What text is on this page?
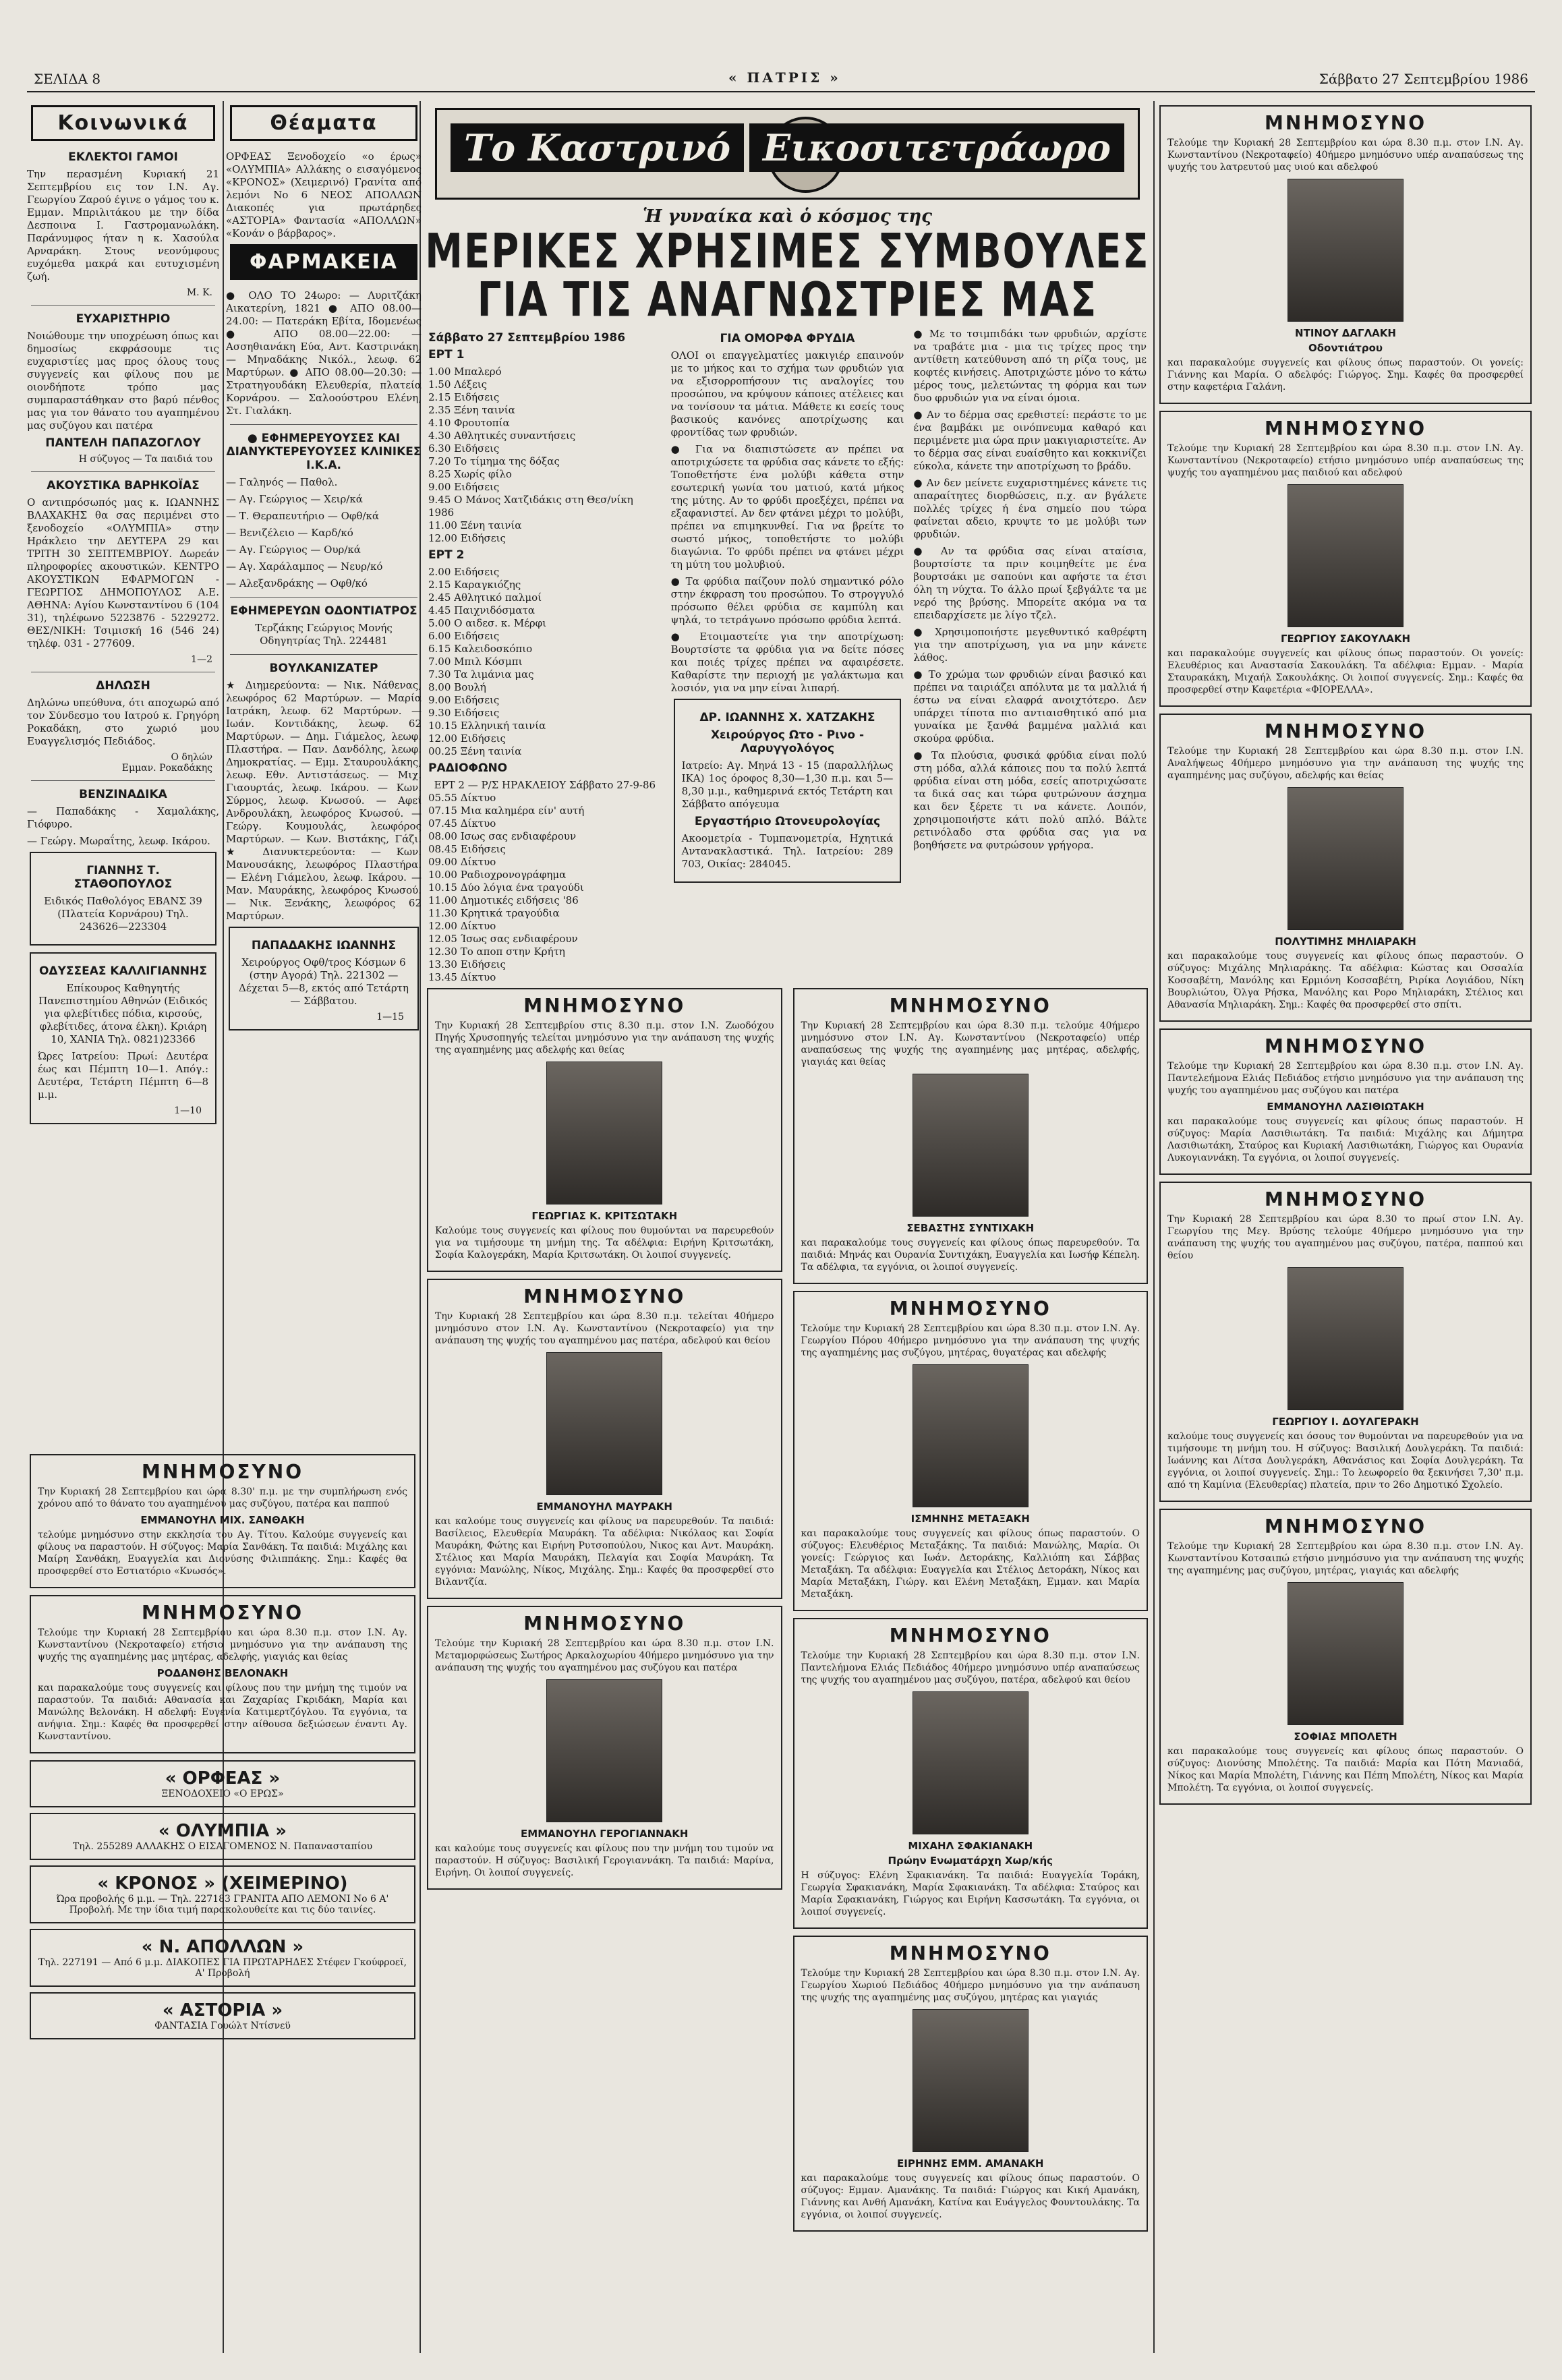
ΣΕΛΙΔΑ 8	« ΠΑΤΡΙΣ »	Σάββατο 27 Σεπτεμβρίου 1986
Κοινωνικά
ΕΚΛΕΚΤΟΙ ΓΑΜΟΙ

Την περασμένη Κυριακή 21 Σεπτεμβρίου εις τον Ι.Ν. Αγ. Γεωργίου Ζαρού έγινε ο γάμος του κ. Εμμαν. Μπριλιτάκου με την δίδα Δεσποινα Ι. Γαστρομανωλάκη. Παράνυμφος ήταν η κ. Χασούλα Αρναράκη. Στους νεονύμφους ευχόμεθα μακρά και ευτυχισμένη ζωή.

Μ. Κ.
ΕΥΧΑΡΙΣΤΗΡΙΟ

Νοιώθουμε την υποχρέωση όπως και δημοσίως εκφράσουμε τις ευχαριστίες μας προς όλους τους συγγενείς και φίλους που με οιονδήποτε τρόπο μας συμπαραστάθηκαν στο βαρύ πένθος μας για τον θάνατο του αγαπημένου μας συζύγου και πατέρα

ΠΑΝΤΕΛΗ ΠΑΠΑΖΟΓΛΟΥ
Η σύζυγος — Τα παιδιά του
ΑΚΟΥΣΤΙΚΑ ΒΑΡΗΚΟΪΑΣ

Ο αντιπρόσωπός μας κ. ΙΩΑΝΝΗΣ ΒΛΑΧΑΚΗΣ θα σας περιμένει στο ξενοδοχείο «ΟΛΥΜΠΙΑ» στην Ηράκλειο την ΔΕΥΤΕΡΑ 29 και ΤΡΙΤΗ 30 ΣΕΠΤΕΜΒΡΙΟΥ. Δωρεάν πληροφορίες ακουστικών. ΚΕΝΤΡΟ ΑΚΟΥΣΤΙΚΩΝ ΕΦΑΡΜΟΓΩΝ - ΓΕΩΡΓΙΟΣ ΔΗΜΟΠΟΥΛΟΣ Α.Ε. ΑΘΗΝΑ: Αγίου Κωνσταντίνου 6 (104 31), τηλέφωνο 5223876 - 5229272. ΘΕΣ/ΝΙΚΗ: Τσιμισκή 16 (546 24) τηλέφ. 031 - 277609.

1—2
ΔΗΛΩΣΗ

Δηλώνω υπεύθυνα, ότι αποχωρώ από τον Σύνδεσμο του Ιατρού κ. Γρηγόρη Ροκαδάκη, στο χωριό μου Ευαγγελισμός Πεδιάδος.

Ο δηλών
Εμμαν. Ροκαδάκης
ΒΕΝΖΙΝΑΔΙΚΑ

— Παπαδάκης - Χαμαλάκης, Γιόφυρο.

— Γεώργ. Μωραΐτης, λεωφ. Ικάρου.

ΓΙΑΝΝΗΣ Τ. ΣΤΑΘΟΠΟΥΛΟΣ

Ειδικός Παθολόγος ΕΒΑΝΣ 39 (Πλατεία Κορνάρου) Τηλ. 243626—223304

ΟΔΥΣΣΕΑΣ ΚΑΛΛΙΓΙΑΝΝΗΣ

Επίκουρος Καθηγητής Πανεπιστημίου Αθηνών (Ειδικός για φλεβίτιδες πόδια, κιρσούς, φλεβίτιδες, άτονα έλκη). Κριάρη 10, ΧΑΝΙΑ Τηλ. 0821)23366

Ώρες Ιατρείου: Πρωί: Δευτέρα έως και Πέμπτη 10—1. Απόγ.: Δευτέρα, Τετάρτη Πέμπτη 6—8 μ.μ.

1—10
Θέαματα

ΟΡΦΕΑΣ Ξενοδοχείο «ο έρως» «ΟΛΥΜΠΙΑ» Αλλάκης ο εισαγόμενος «ΚΡΟΝΟΣ» (Χειμερινό) Γρανίτα από λεμόνι Νο 6 ΝΕΟΣ ΑΠΟΛΛΩΝ Διακοπές για πρωτάρηδες «ΑΣΤΟΡΙΑ» Φαντασία «ΑΠΟΛΛΩΝ» «Κονάν ο βάρβαρος».

ΦΑΡΜΑΚΕΙΑ

● ΟΛΟ ΤΟ 24ωρο: — Λυριτζάκη Αικατερίνη, 1821 ● ΑΠΟ 08.00—24.00: — Πατεράκη Εβίτα, Ιδομενέως ● ΑΠΟ 08.00—22.00: — Ασσηθιανάκη Εύα, Αντ. Καστρινάκη. — Μηναδάκης Νικόλ., λεωφ. 62 Μαρτύρων. ● ΑΠΟ 08.00—20.30: — Στρατηγουδάκη Ελευθερία, πλατεία Κορνάρου. — Σαλοούστρου Ελένη, Στ. Γιαλάκη.

● ΕΦΗΜΕΡΕΥΟΥΣΕΣ ΚΑΙ ΔΙΑΝΥΚΤΕΡΕΥΟΥΣΕΣ ΚΛΙΝΙΚΕΣ Ι.Κ.Α.

— Γαληνός — Παθολ.

— Αγ. Γεώργιος — Χειρ/κά

— Τ. Θεραπευτήριο — Οφθ/κά

— Βενιζέλειο — Καρδ/κό

— Αγ. Γεώργιος — Ουρ/κά

— Αγ. Χαράλαμπος — Νευρ/κό

— Αλεξανδράκης — Οφθ/κό

ΕΦΗΜΕΡΕΥΩΝ ΟΔΟΝΤΙΑΤΡΟΣ

Τερζάκης Γεώργιος Μονής Οδηγητρίας Τηλ. 224481

ΒΟΥΛΚΑΝΙΖΑΤΕΡ

★ Διημερεύοντα: — Νικ. Νάθενας, λεωφόρος 62 Μαρτύρων. — Μαρία Ιατράκη, λεωφ. 62 Μαρτύρων. — Ιωάν. Κοντιδάκης, λεωφ. 62 Μαρτύρων. — Δημ. Γιάμελος, λεωφ. Πλαστήρα. — Παν. Δανδόλης, λεωφ. Δημοκρατίας. — Εμμ. Σταυρουλάκης, λεωφ. Εθν. Αντιστάσεως. — Μιχ. Γιαουρτάς, λεωφ. Ικάρου. — Κων. Σύρμος, λεωφ. Κνωσού. — Αφεί Ανδρουλάκη, λεωφόρος Κνωσού. — Γεώργ. Κουμουλάς, λεωφόρος Μαρτύρων. — Κων. Βιστάκης, Γάζι. ★ Διανυκτερεύοντα: — Κων. Μανουσάκης, λεωφόρος Πλαστήρα. — Ελένη Γιάμελου, λεωφ. Ικάρου. — Μαν. Μαυράκης, λεωφόρος Κνωσού. — Νικ. Ξενάκης, λεωφόρος 62 Μαρτύρων.

ΠΑΠΑΔΑΚΗΣ ΙΩΑΝΝΗΣ

Χειρούργος Οφθ/τρος Κόσμων 6 (στην Αγορά) Τηλ. 221302 — Δέχεται 5—8, εκτός από Τετάρτη — Σάββατου.

1—15
ΜΝΗΜΟΣΥΝΟ

Την Κυριακή 28 Σεπτεμβρίου και ώρα 8.30' π.μ. με την συμπλήρωση ενός χρόνου από το θάνατο του αγαπημένου μας συζύγου, πατέρα και παππού

ΕΜΜΑΝΟΥΗΛ ΜΙΧ. ΣΑΝΘΑΚΗ

τελούμε μνημόσυνο στην εκκλησία του Αγ. Τίτου. Καλούμε συγγενείς και φίλους να παραστούν. Η σύζυγος: Μαρία Σανθάκη. Τα παιδιά: Μιχάλης και Μαίρη Σανθάκη, Ευαγγελία και Διονύσης Φιλιππάκης. Σημ.: Καφές θα προσφερθεί στο Εστιατόριο «Κνωσός».

ΜΝΗΜΟΣΥΝΟ

Τελούμε την Κυριακή 28 Σεπτεμβρίου και ώρα 8.30 π.μ. στον Ι.Ν. Αγ. Κωνσταντίνου (Νεκροταφείο) ετήσιο μνημόσυνο για την ανάπαυση της ψυχής της αγαπημένης μας μητέρας, αδελφής, γιαγιάς και θείας

ΡΟΔΑΝΘΗΣ ΒΕΛΟΝΑΚΗ

και παρακαλούμε τους συγγενείς και φίλους που την μνήμη της τιμούν να παραστούν. Τα παιδιά: Αθανασία και Ζαχαρίας Γκριδάκη, Μαρία και Μανώλης Βελονάκη. Η αδελφή: Ευγενία Κατιμερτζόγλου. Τα εγγόνια, τα ανήψια. Σημ.: Καφές θα προσφερθεί στην αίθουσα δεξιώσεων έναντι Αγ. Κωνσταντίνου.

« ΟΡΦΕΑΣ »
ΞΕΝΟΔΟΧΕΙΟ «Ο ΕΡΩΣ»
« ΟΛΥΜΠΙΑ »
Τηλ. 255289 ΑΛΛΑΚΗΣ Ο ΕΙΣΑΓΟΜΕΝΟΣ Ν. Παπανασταπίου
« ΚΡΟΝΟΣ » (ΧΕΙΜΕΡΙΝΟ)
Ώρα προβολής 6 μ.μ. — Τηλ. 227183 ΓΡΑΝΙΤΑ ΑΠΟ ΛΕΜΟΝΙ Νο 6 Α' Προβολή. Με την ίδια τιμή παρακολουθείτε και τις δύο ταινίες.
« Ν. ΑΠΟΛΛΩΝ »
Τηλ. 227191 — Από 6 μ.μ. ΔΙΑΚΟΠΕΣ ΓΙΑ ΠΡΩΤΑΡΗΔΕΣ Στέφεν Γκούφροεϊ, Α' Προβολή
« ΑΣΤΟΡΙΑ »
ΦΑΝΤΑΣΙΑ Γουώλτ Ντίσνεϋ
Το Καστρινό Εικοσιτετράωρο
Ἡ γυναίκα καὶ ὁ κόσμος της
ΜΕΡΙΚΕΣ ΧΡΗΣΙΜΕΣ ΣΥΜΒΟΥΛΕΣ
ΓΙΑ ΤΙΣ ΑΝΑΓΝΩΣΤΡΙΕΣ ΜΑΣ
Σάββατο 27 Σεπτεμβρίου 1986
ΕΡΤ 1
1.00 Μπαλερό
1.50 Λέξεις
2.15 Ειδήσεις
2.35 Ξένη ταινία
4.10 Φρουτοπία
4.30 Αθλητικές συναντήσεις
6.30 Ειδήσεις
7.20 Το τίμημα της δόξας
8.25 Χωρίς φίλο
9.00 Ειδήσεις
9.45 Ο Μάνος Χατζιδάκις στη Θεσ/νίκη 1986
11.00 Ξένη ταινία
12.00 Ειδήσεις
ΕΡΤ 2
2.00 Ειδήσεις
2.15 Καραγκιόζης
2.45 Αθλητικό παλμοί
4.45 Παιχνιδόσματα
5.00 Ο αιδεσ. κ. Μέρφι
6.00 Ειδήσεις
6.15 Καλειδοσκόπιο
7.00 Μπιλ Κόσμπι
7.30 Τα λιμάνια μας
8.00 Βουλή
9.00 Ειδήσεις
9.30 Ειδήσεις
10.15 Ελληνική ταινία
12.00 Ειδήσεις
00.25 Ξένη ταινία
ΡΑΔΙΟΦΩΝΟ
ΕΡΤ 2 — Ρ/Σ ΗΡΑΚΛΕΙΟΥ Σάββατο 27-9-86
05.55 Δίκτυο
07.15 Μια καλημέρα είν' αυτή
07.45 Δίκτυο
08.00 Ισως σας ενδιαφέρουν
08.45 Ειδήσεις
09.00 Δίκτυο
10.00 Ραδιοχρονογράφημα
10.15 Δύο λόγια ένα τραγούδι
11.00 Δημοτικές ειδήσεις '86
11.30 Κρητικά τραγούδια
12.00 Δίκτυο
12.05 Ίσως σας ενδιαφέρουν
12.30 Το αποπ στην Κρήτη
13.30 Ειδήσεις
13.45 Δίκτυο
ΓΙΑ ΟΜΟΡΦΑ ΦΡΥΔΙΑ

ΟΛΟΙ οι επαγγελματίες μακιγιέρ επαινούν με το μήκος και το σχήμα των φρυδιών για να εξισορροπήσουν τις αναλογίες του προσώπου, να κρύψουν κάποιες ατέλειες και να τονίσουν τα μάτια. Μάθετε κι εσείς τους βασικούς κανόνες αποτρίχωσης και φροντίδας των φρυδιών.

● Για να διαπιστώσετε αν πρέπει να αποτριχώσετε τα φρύδια σας κάνετε το εξής: Τοποθετήστε ένα μολύβι κάθετα στην εσωτερική γωνία του ματιού, κατά μήκος της μύτης. Αν το φρύδι προεξέχει, πρέπει να εξαφανιστεί. Αν δεν φτάνει μέχρι το μολύβι, πρέπει να επιμηκυνθεί. Για να βρείτε το σωστό μήκος, τοποθετήστε το μολύβι διαγώνια. Το φρύδι πρέπει να φτάνει μέχρι τη μύτη του μολυβιού.

● Τα φρύδια παίζουν πολύ σημαντικό ρόλο στην έκφραση του προσώπου. Το στρογγυλό πρόσωπο θέλει φρύδια σε καμπύλη και ψηλά, το τετράγωνο πρόσωπο φρύδια λεπτά.

● Ετοιμαστείτε για την αποτρίχωση: Βουρτσίστε τα φρύδια για να δείτε πόσες και ποιές τρίχες πρέπει να αφαιρέσετε. Καθαρίστε την περιοχή με γαλάκτωμα και λοσιόν, για να μην είναι λιπαρή.

ΔΡ. ΙΩΑΝΝΗΣ Χ. ΧΑΤΖΑΚΗΣ
Χειρούργος Ωτο - Ρινο - Λαρυγγολόγος

Ιατρείο: Αγ. Μηνά 13 - 15 (παραλλήλως ΙΚΑ) 1ος όροφος 8,30—1,30 π.μ. και 5—8,30 μ.μ., καθημερινά εκτός Τετάρτη και Σάββατο απόγευμα

Εργαστήριο Ωτονευρολογίας

Ακοομετρία - Τυμπανομετρία, Ηχητικά Αντανακλαστικά. Τηλ. Ιατρείου: 289 703, Οικίας: 284045.

● Με το τσιμπιδάκι των φρυδιών, αρχίστε να τραβάτε μια - μια τις τρίχες προς την αντίθετη κατεύθυνση από τη ρίζα τους, με κοφτές κινήσεις. Αποτριχώστε μόνο το κάτω μέρος τους, μελετώντας τη φόρμα και των δυο φρυδιών για να είναι όμοια.

● Αν το δέρμα σας ερεθιστεί: περάστε το με ένα βαμβάκι με οινόπνευμα καθαρό και περιμένετε μια ώρα πριν μακιγιαριστείτε. Αν το δέρμα σας είναι ευαίσθητο και κοκκινίζει εύκολα, κάνετε την αποτρίχωση το βράδυ.

● Αν δεν μείνετε ευχαριστημένες κάνετε τις απαραίτητες διορθώσεις, π.χ. αν βγάλετε πολλές τρίχες ή ένα σημείο που τώρα φαίνεται αδειο, κρυψτε το με μολύβι των φρυδιών.

● Αν τα φρύδια σας είναι αταίσια, βουρτσίστε τα πριν κοιμηθείτε με ένα βουρτσάκι με σαπούνι και αφήστε τα έτσι όλη τη νύχτα. Το άλλο πρωί ξεβγάλτε τα με νερό της βρύσης. Μπορείτε ακόμα να τα επειδαρχίσετε με λίγο τζελ.

● Χρησιμοποιήστε μεγεθυντικό καθρέφτη για την αποτρίχωση, για να μην κάνετε λάθος.

● Το χρώμα των φρυδιών είναι βασικό και πρέπει να ταιριάζει απόλυτα με τα μαλλιά ή έστω να είναι ελαφρά ανοιχτότερο. Δεν υπάρχει τίποτα πιο αντιαισθητικό από μια γυναίκα με ξανθά βαμμένα μαλλιά και σκούρα φρύδια.

● Τα πλούσια, φυσικά φρύδια είναι πολύ στη μόδα, αλλά κάποιες που τα πολύ λεπτά φρύδια είναι στη μόδα, εσείς αποτριχώσατε τα δικά σας και τώρα φυτρώνουν άσχημα και δεν ξέρετε τι να κάνετε. Λοιπόν, χρησιμοποιήστε κάτι πολύ απλό. Βάλτε ρετινόλαδο στα φρύδια σας για να βοηθήσετε να φυτρώσουν γρήγορα.

ΜΝΗΜΟΣΥΝΟ

Την Κυριακή 28 Σεπτεμβρίου στις 8.30 π.μ. στον Ι.Ν. Ζωοδόχου Πηγής Χρυσοπηγής τελείται μνημόσυνο για την ανάπαυση της ψυχής της αγαπημένης μας αδελφής και θείας

ΓΕΩΡΓΙΑΣ Κ. ΚΡΙΤΣΩΤΑΚΗ

Καλούμε τους συγγενείς και φίλους που θυμούνται να παρευρεθούν για να τιμήσουμε τη μνήμη της. Τα αδέλφια: Ειρήνη Κριτσωτάκη, Σοφία Καλογεράκη, Μαρία Κριτσωτάκη. Οι λοιποί συγγενείς.

ΜΝΗΜΟΣΥΝΟ

Την Κυριακή 28 Σεπτεμβρίου και ώρα 8.30 π.μ. τελείται 40ήμερο μνημόσυνο στον Ι.Ν. Αγ. Κωνσταντίνου (Νεκροταφείο) για την ανάπαυση της ψυχής του αγαπημένου μας πατέρα, αδελφού και θείου

ΕΜΜΑΝΟΥΗΛ ΜΑΥΡΑΚΗ

και καλούμε τους συγγενείς και φίλους να παρευρεθούν. Τα παιδιά: Βασίλειος, Ελευθερία Μαυράκη. Τα αδέλφια: Νικόλαος και Σοφία Μαυράκη, Φώτης και Ειρήνη Ρυτσοπούλου, Νικος και Αντ. Μαυράκη. Στέλιος και Μαρία Μαυράκη, Πελαγία και Σοφία Μαυράκη. Τα εγγόνια: Μανώλης, Νίκος, Μιχάλης. Σημ.: Καφές θα προσφερθεί στο Βιλαντζία.

ΜΝΗΜΟΣΥΝΟ

Τελούμε την Κυριακή 28 Σεπτεμβρίου και ώρα 8.30 π.μ. στον Ι.Ν. Μεταμορφώσεως Σωτήρος Αρκαλοχωρίου 40ήμερο μνημόσυνο για την ανάπαυση της ψυχής του αγαπημένου μας συζύγου και πατέρα

ΕΜΜΑΝΟΥΗΛ ΓΕΡΟΓΙΑΝΝΑΚΗ

και καλούμε τους συγγενείς και φίλους που την μνήμη του τιμούν να παραστούν. Η σύζυγος: Βασιλική Γερογιαννάκη. Τα παιδιά: Μαρίνα, Ειρήνη. Οι λοιποί συγγενείς.

ΜΝΗΜΟΣΥΝΟ

Την Κυριακή 28 Σεπτεμβρίου και ώρα 8.30 π.μ. τελούμε 40ήμερο μνημόσυνο στον Ι.Ν. Αγ. Κωνσταντίνου (Νεκροταφείο) υπέρ αναπαύσεως της ψυχής της αγαπημένης μας μητέρας, αδελφής, γιαγιάς και θείας

ΣΕΒΑΣΤΗΣ ΣΥΝΤΙΧΑΚΗ

και παρακαλούμε τους συγγενείς και φίλους όπως παρευρεθούν. Τα παιδιά: Μηνάς και Ουρανία Συντιχάκη, Ευαγγελία και Ιωσήφ Κέπελη. Τα αδέλφια, τα εγγόνια, οι λοιποί συγγενείς.

ΜΝΗΜΟΣΥΝΟ

Τελούμε την Κυριακή 28 Σεπτεμβρίου και ώρα 8.30 π.μ. στον Ι.Ν. Αγ. Γεωργίου Πόρου 40ήμερο μνημόσυνο για την ανάπαυση της ψυχής της αγαπημένης μας συζύγου, μητέρας, θυγατέρας και αδελφής

ΙΣΜΗΝΗΣ ΜΕΤΑΞΑΚΗ

και παρακαλούμε τους συγγενείς και φίλους όπως παραστούν. Ο σύζυγος: Ελευθέριος Μεταξάκης. Τα παιδιά: Μανώλης, Μαρία. Οι γονείς: Γεώργιος και Ιωάν. Δετοράκης, Καλλιόπη και Σάββας Μεταξάκη. Τα αδέλφια: Ευαγγελία και Στέλιος Δετοράκη, Νίκος και Μαρία Μεταξάκη, Γιώργ. και Ελένη Μεταξάκη, Εμμαν. και Μαρία Μεταξάκη.

ΜΝΗΜΟΣΥΝΟ

Τελούμε την Κυριακή 28 Σεπτεμβρίου και ώρα 8.30 π.μ. στον Ι.Ν. Παντελήμονα Ελιάς Πεδιάδος 40ήμερο μνημόσυνο υπέρ αναπαύσεως της ψυχής του αγαπημένου μας συζύγου, πατέρα, αδελφού και θείου

ΜΙΧΑΗΛ ΣΦΑΚΙΑΝΑΚΗ
Πρώην Ενωματάρχη Χωρ/κής

Η σύζυγος: Ελένη Σφακιανάκη. Τα παιδιά: Ευαγγελία Τοράκη, Γεωργία Σφακιανάκη, Μαρία Σφακιανάκη. Τα αδέλφια: Σταύρος και Μαρία Σφακιανάκη, Γιώργος και Ειρήνη Κασσωτάκη. Τα εγγόνια, οι λοιποί συγγενείς.

ΜΝΗΜΟΣΥΝΟ

Τελούμε την Κυριακή 28 Σεπτεμβρίου και ώρα 8.30 π.μ. στον Ι.Ν. Αγ. Γεωργίου Χωριού Πεδιάδος 40ήμερο μνημόσυνο για την ανάπαυση της ψυχής της αγαπημένης μας συζύγου, μητέρας και γιαγιάς

ΕΙΡΗΝΗΣ ΕΜΜ. ΑΜΑΝΑΚΗ

και παρακαλούμε τους συγγενείς και φίλους όπως παραστούν. Ο σύζυγος: Εμμαν. Αμανάκης. Τα παιδιά: Γιώργος και Κική Αμανάκη, Γιάννης και Ανθή Αμανάκη, Κατίνα και Ευάγγελος Φουντουλάκης. Τα εγγόνια, οι λοιποί συγγενείς.

ΜΝΗΜΟΣΥΝΟ

Τελούμε την Κυριακή 28 Σεπτεμβρίου και ώρα 8.30 π.μ. στον Ι.Ν. Αγ. Κωνσταντίνου (Νεκροταφείο) 40ήμερο μνημόσυνο υπέρ αναπαύσεως της ψυχής του λατρευτού μας υιού και αδελφού

ΝΤΙΝΟΥ ΔΑΓΛΑΚΗ
Οδοντιάτρου

και παρακαλούμε συγγενείς και φίλους όπως παραστούν. Οι γονείς: Γιάννης και Μαρία. Ο αδελφός: Γιώργος. Σημ. Καφές θα προσφερθεί στην καφετέρια Γαλάνη.

ΜΝΗΜΟΣΥΝΟ

Τελούμε την Κυριακή 28 Σεπτεμβρίου και ώρα 8.30 π.μ. στον Ι.Ν. Αγ. Κωνσταντίνου (Νεκροταφείο) ετήσιο μνημόσυνο υπέρ αναπαύσεως της ψυχής του αγαπημένου μας παιδιού και αδελφού

ΓΕΩΡΓΙΟΥ ΣΑΚΟΥΛΑΚΗ

και παρακαλούμε συγγενείς και φίλους όπως παραστούν. Οι γονείς: Ελευθέριος και Αναστασία Σακουλάκη. Τα αδέλφια: Εμμαν. - Μαρία Σταυρακάκη, Μιχαήλ Σακουλάκης. Οι λοιποί συγγενείς. Σημ.: Καφές θα προσφερθεί στην Καφετέρια «ΦΙΟΡΕΛΛΑ».

ΜΝΗΜΟΣΥΝΟ

Τελούμε την Κυριακή 28 Σεπτεμβρίου και ώρα 8.30 π.μ. στον Ι.Ν. Αναλήψεως 40ήμερο μνημόσυνο για την ανάπαυση της ψυχής της αγαπημένης μας συζύγου, αδελφής και θείας

ΠΟΛΥΤΙΜΗΣ ΜΗΛΙΑΡΑΚΗ

και παρακαλούμε τους συγγενείς και φίλους όπως παραστούν. Ο σύζυγος: Μιχάλης Μηλιαράκης. Τα αδέλφια: Κώστας και Οσσαλία Κοσσαβέτη, Μανόλης και Ερμιόνη Κοσσαβέτη, Ριρίκα Λογιάδου, Νίκη Βουρλιώτου, Όλγα Ρήσκα, Μανόλης και Ρορο Μηλιαράκη, Στέλιος και Αθανασία Μηλιαράκη. Σημ.: Καφές θα προσφερθεί στο σπίτι.

ΜΝΗΜΟΣΥΝΟ

Τελούμε την Κυριακή 28 Σεπτεμβρίου και ώρα 8.30 π.μ. στον Ι.Ν. Αγ. Παντελεήμονα Ελιάς Πεδιάδος ετήσιο μνημόσυνο για την ανάπαυση της ψυχής του αγαπημένου μας συζύγου και πατέρα

ΕΜΜΑΝΟΥΗΛ ΛΑΣΙΘΙΩΤΑΚΗ

και παρακαλούμε τους συγγενείς και φίλους όπως παραστούν. Η σύζυγος: Μαρία Λασιθιωτάκη. Τα παιδιά: Μιχάλης και Δήμητρα Λασιθιωτάκη, Σταύρος και Κυριακή Λασιθιωτάκη, Γιώργος και Ουρανία Λυκογιαννάκη. Τα εγγόνια, οι λοιποί συγγενείς.

ΜΝΗΜΟΣΥΝΟ

Την Κυριακή 28 Σεπτεμβρίου και ώρα 8.30 το πρωί στον Ι.Ν. Αγ. Γεωργίου της Μεγ. Βρύσης τελούμε 40ήμερο μνημόσυνο για την ανάπαυση της ψυχής του αγαπημένου μας συζύγου, πατέρα, παππού και θείου

ΓΕΩΡΓΙΟΥ Ι. ΔΟΥΛΓΕΡΑΚΗ

καλούμε τους συγγενείς και όσους τον θυμούνται να παρευρεθούν για να τιμήσουμε τη μνήμη του. Η σύζυγος: Βασιλική Δουλγεράκη. Τα παιδιά: Ιωάννης και Λίτσα Δουλγεράκη, Αθανάσιος και Σοφία Δουλγεράκη. Τα εγγόνια, οι λοιποί συγγενείς. Σημ.: Το λεωφορείο θα ξεκινήσει 7,30' π.μ. από τη Καμίνια (Ελευθερίας) πλατεία, πριν το 26ο Δημοτικό Σχολείο.

ΜΝΗΜΟΣΥΝΟ

Τελούμε την Κυριακή 28 Σεπτεμβρίου και ώρα 8.30 π.μ. στον Ι.Ν. Αγ. Κωνσταντίνου Κοτσαιπώ ετήσιο μνημόσυνο για την ανάπαυση της ψυχής της αγαπημένης μας συζύγου, μητέρας, γιαγιάς και αδελφής

ΣΟΦΙΑΣ ΜΠΟΛΕΤΗ

και παρακαλούμε τους συγγενείς και φίλους όπως παραστούν. Ο σύζυγος: Διονύσης Μπολέτης. Τα παιδιά: Μαρία και Πότη Μανιαδά, Νίκος και Μαρία Μπολέτη, Γιάννης και Πέπη Μπολέτη, Νίκος και Μαρία Μπολέτη. Τα εγγόνια, οι λοιποί συγγενείς.
